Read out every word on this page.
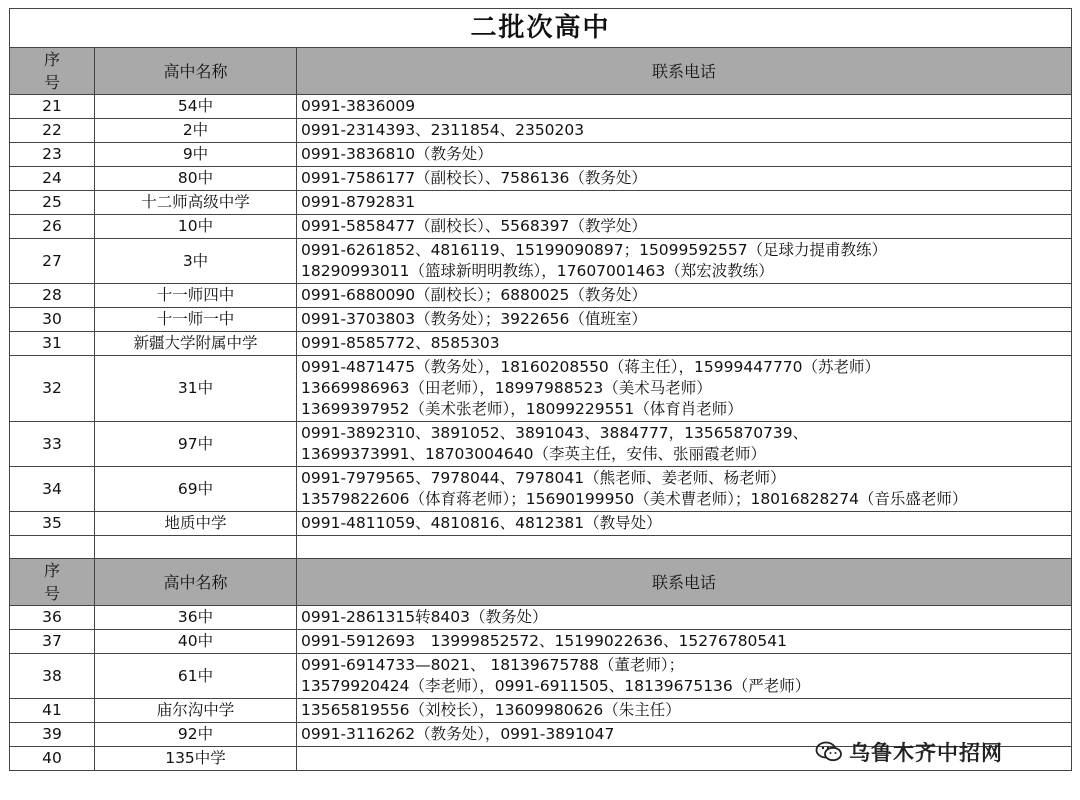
二批次高中		

序
号	高中名称	联系电话
21	54中	0991-3836009

22	2中	0991-2314393、2311854、2350203

23	9中	0991-3836810（教务处）

24	80中	0991-7586177（副校长）、7586136（教务处）

25	十二师高级中学	0991-8792831

26	10中	0991-5858477（副校长）、5568397（教学处）

27	3中	0991-6261852、4816119、15199090897；15099592557（足球力提甫教练）
18290993011（篮球新明明教练），17607001463（郑宏波教练）

28	十一师四中	0991-6880090（副校长）；6880025（教务处）

30	十一师一中	0991-3703803（教务处）；3922656（值班室）

31	新疆大学附属中学	0991-8585772、8585303

32	31中	0991-4871475（教务处），18160208550（蒋主任），15999447770（苏老师）
13669986963（田老师），18997988523（美术马老师）
13699397952（美术张老师），18099229551（体育肖老师）

33	97中	0991-3892310、3891052、3891043、3884777，13565870739、
13699373991、18703004640（李英主任，安伟、张丽霞老师）

34	69中	0991-7979565、7978044、7978041（熊老师、姜老师、杨老师）
13579822606（体育蒋老师）；15690199950（美术曹老师）；18016828274（音乐盛老师）

35	地质中学	0991-4811059、4810816、4812381（教导处）

序
号	高中名称	联系电话
36	36中	0991-2861315转8403（教务处）

37	40中	0991-5912693　13999852572、15199022636、15276780541

38	61中	0991-6914733—8021、 18139675788（董老师）；
13579920424（李老师），0991-6911505、18139675136（严老师）

41	庙尔沟中学	13565819556（刘校长），13609980626（朱主任）

39	92中	0991-3116262（教务处），0991-3891047

40	135中学		乌鲁木齐中招网
